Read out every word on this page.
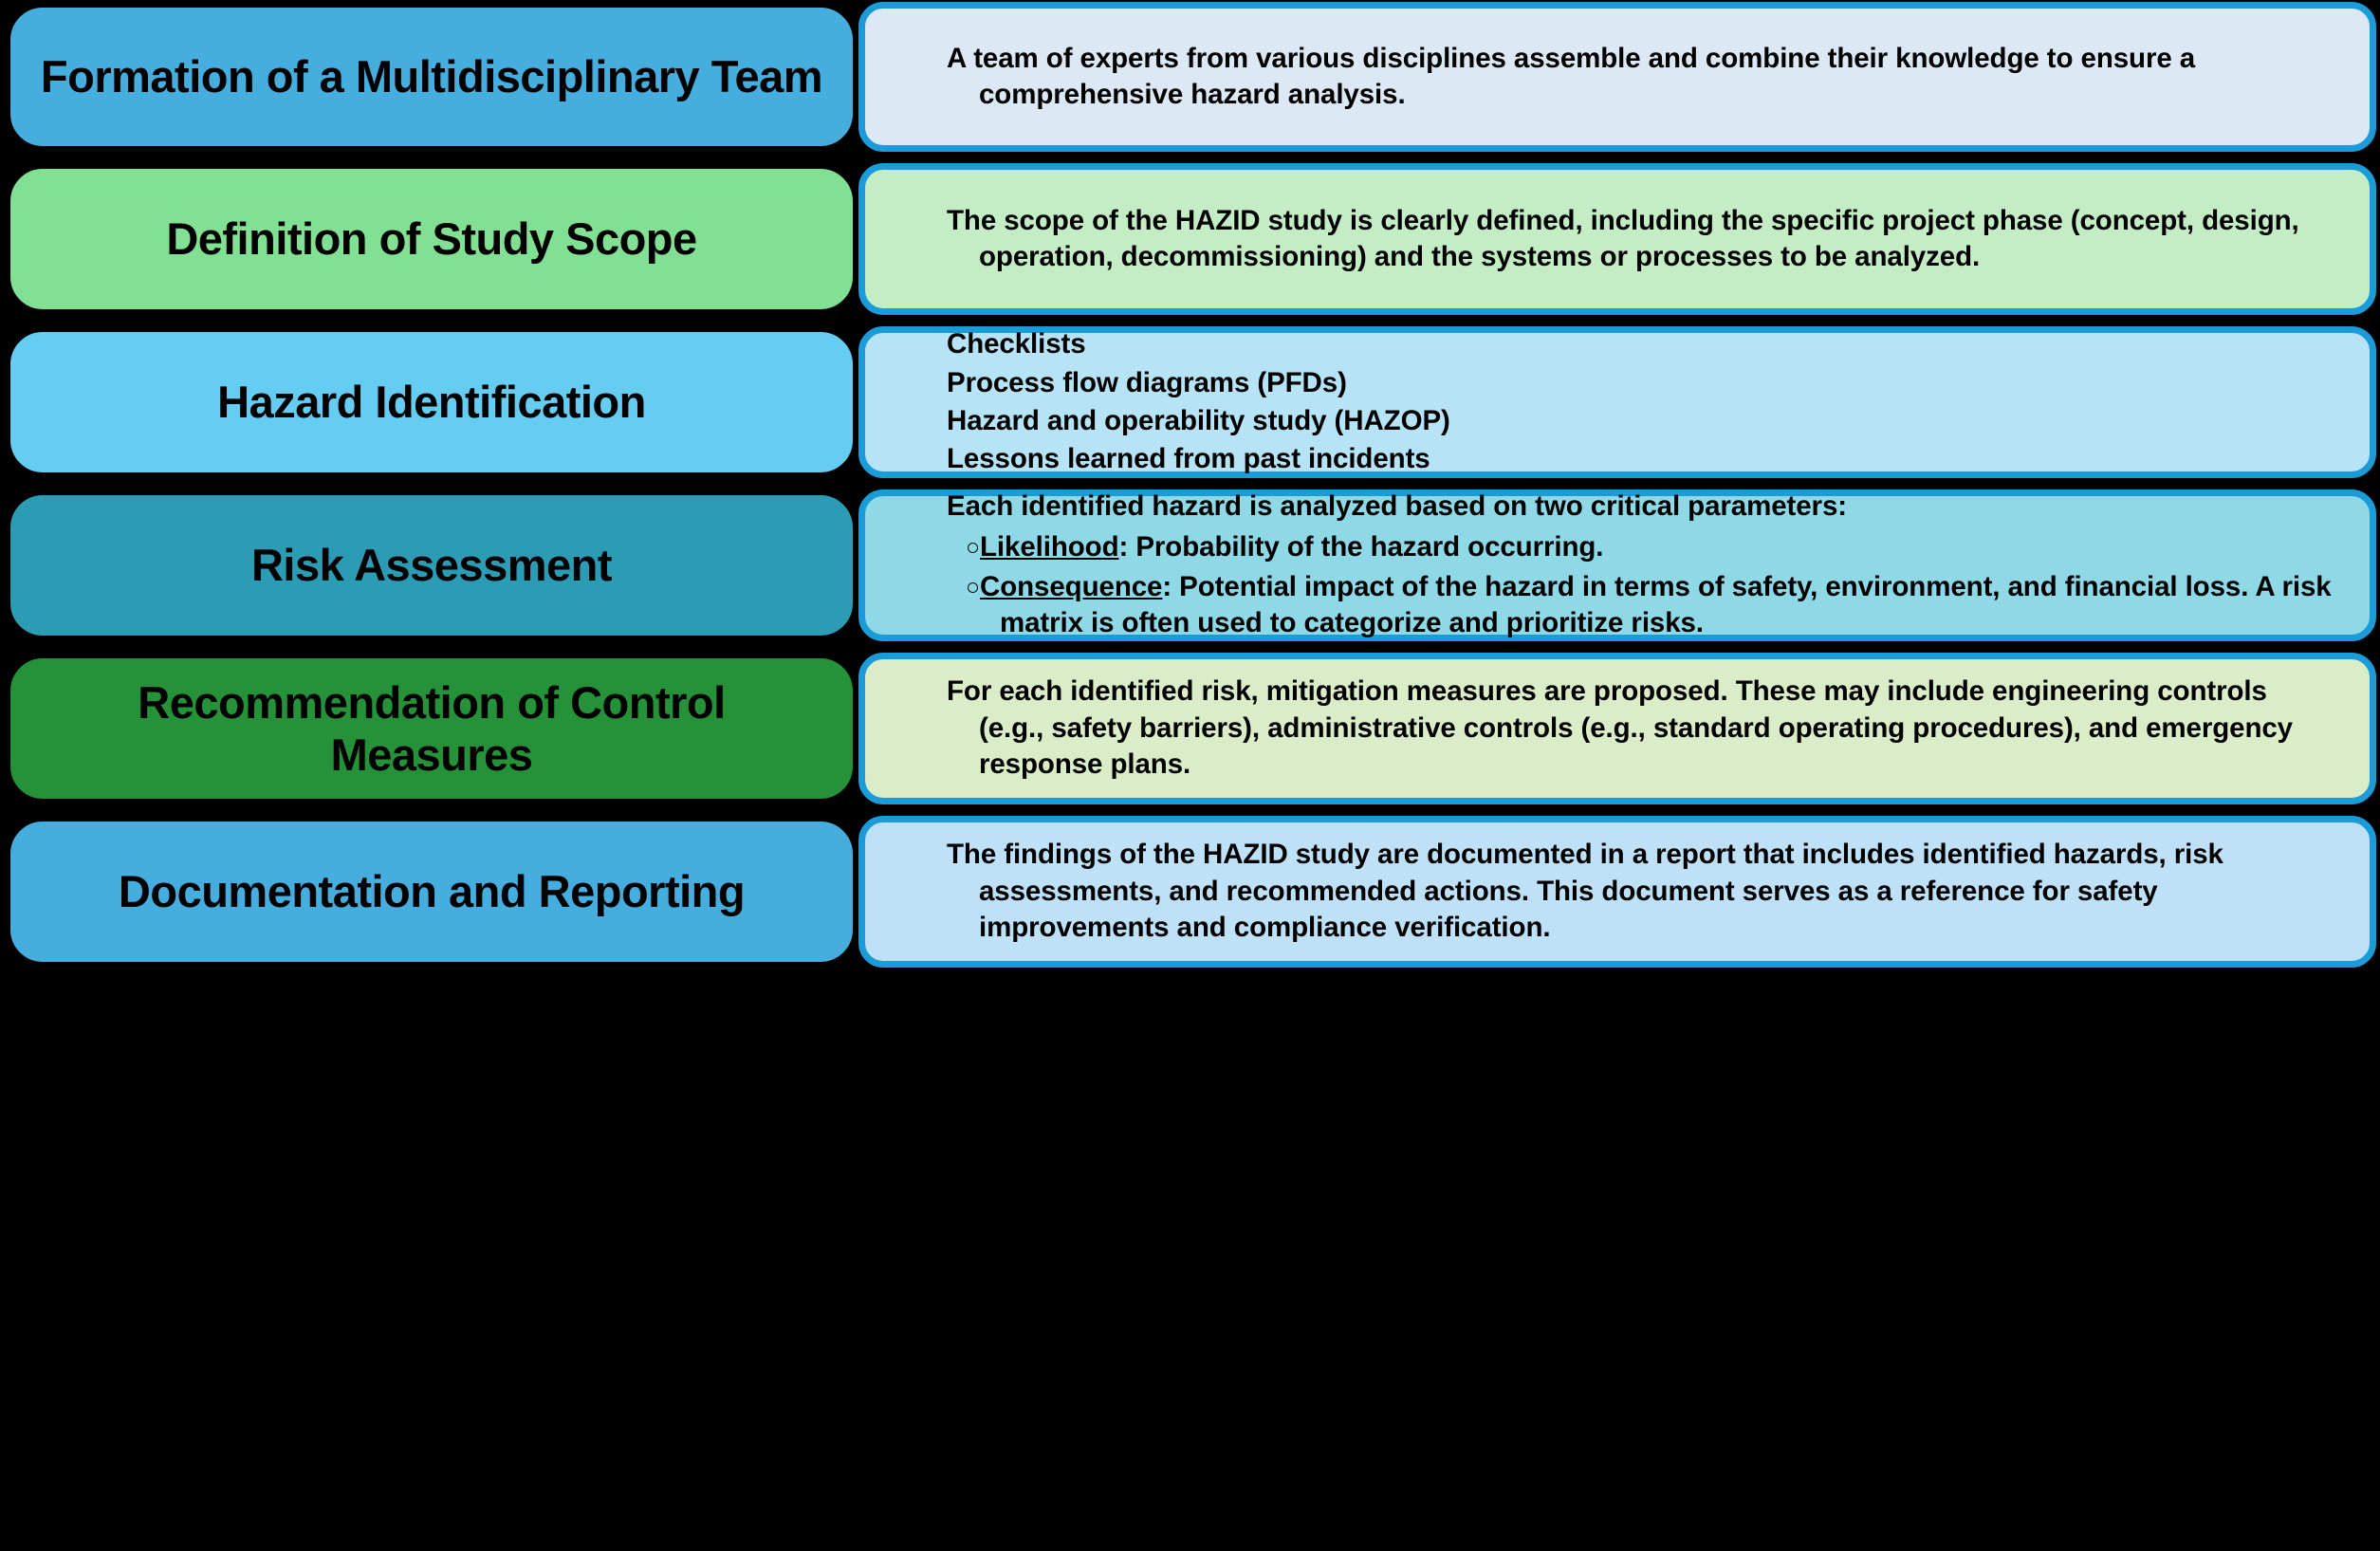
A team of experts from various disciplines assemble and combine their knowledge to ensure a comprehensive hazard analysis.
Formation of a Multidisciplinary Team
The scope of the HAZID study is clearly defined, including the specific project phase (concept, design, operation, decommissioning) and the systems or processes to be analyzed.
Definition of Study Scope
Checklists
Process flow diagrams (PFDs)
Hazard and operability study (HAZOP)
Lessons learned from past incidents
Hazard Identification
Each identified hazard is analyzed based on two critical parameters:
○Likelihood: Probability of the hazard occurring.
○Consequence: Potential impact of the hazard in terms of safety, environment, and financial loss. A risk matrix is often used to categorize and prioritize risks.
Risk Assessment
For each identified risk, mitigation measures are proposed. These may include engineering controls (e.g., safety barriers), administrative controls (e.g., standard operating procedures), and emergency response plans.
Recommendation of Control Measures
The findings of the HAZID study are documented in a report that includes identified hazards, risk assessments, and recommended actions. This document serves as a reference for safety improvements and compliance verification.
Documentation and Reporting
